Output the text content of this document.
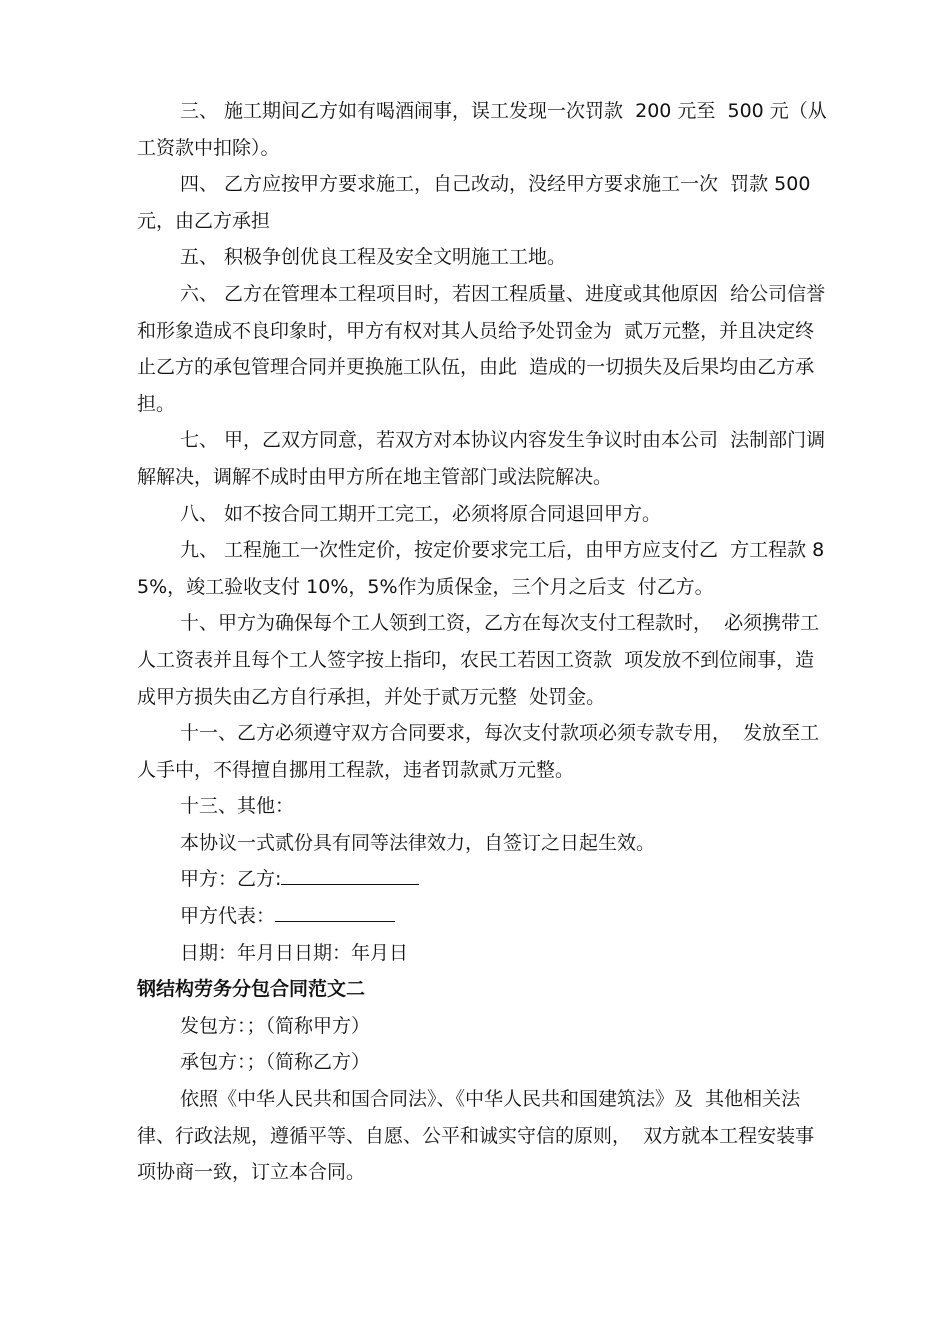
三、 施工期间乙方如有喝酒闹事，误工发现一次罚款  200 元至  500 元（从工资款中扣除）。

四、 乙方应按甲方要求施工，自己改动，没经甲方要求施工一次  罚款 500 元，由乙方承担

五、 积极争创优良工程及安全文明施工工地。

六、 乙方在管理本工程项目时，若因工程质量、进度或其他原因  给公司信誉和形象造成不良印象时，甲方有权对其人员给予处罚金为  贰万元整，并且决定终止乙方的承包管理合同并更换施工队伍，由此  造成的一切损失及后果均由乙方承担。

七、 甲，乙双方同意，若双方对本协议内容发生争议时由本公司  法制部门调解解决，调解不成时由甲方所在地主管部门或法院解决。

八、 如不按合同工期开工完工，必须将原合同退回甲方。

九、 工程施工一次性定价，按定价要求完工后，由甲方应支付乙  方工程款 85%，竣工验收支付 10%，5%作为质保金，三个月之后支  付乙方。

十、甲方为确保每个工人领到工资，乙方在每次支付工程款时，  必须携带工人工资表并且每个工人签字按上指印，农民工若因工资款  项发放不到位闹事，造成甲方损失由乙方自行承担，并处于贰万元整  处罚金。

十一、乙方必须遵守双方合同要求，每次支付款项必须专款专用，  发放至工人手中，不得擅自挪用工程款，违者罚款贰万元整。

十三、其他：

本协议一式贰份具有同等法律效力，自签订之日起生效。

甲方：乙方:

甲方代表：

日期：年月日日期：年月日

钢结构劳务分包合同范文二

发包方：；（简称甲方）

承包方：；（简称乙方）

依照《中华人民共和国合同法》、《中华人民共和国建筑法》及  其他相关法律、行政法规，遵循平等、自愿、公平和诚实守信的原则，  双方就本工程安装事项协商一致，订立本合同。
